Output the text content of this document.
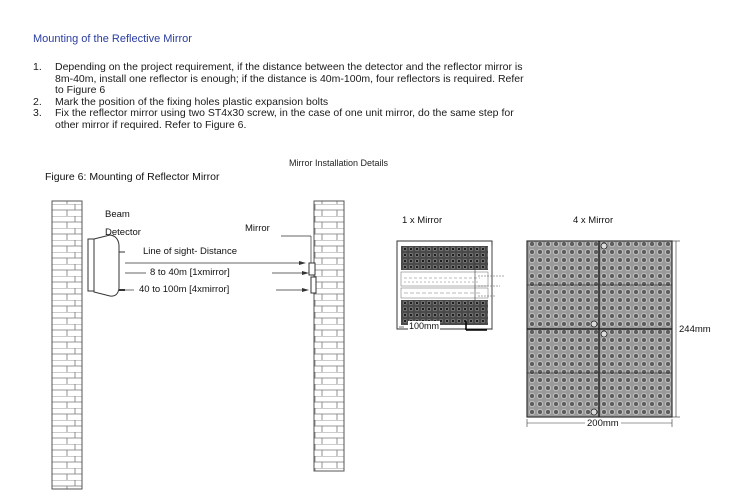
Mounting of the Reflective Mirror
1. Depending on the project requirement, if the distance between the detector and the reflector mirror is
8m-40m, install one reflector is enough; if the distance is 40m-100m, four reflectors is required. Refer
to Figure 6
2. Mark the position of the fixing holes plastic expansion bolts
3. Fix the reflector mirror using two ST4x30 screw, in the case of one unit mirror, do the same step for
other mirror if required. Refer to Figure 6.
Mirror Installation Details
Figure 6: Mounting of Reflector Mirror
Beam
Detector	Mirror
Line of sight- Distance
8 to 40m [1xmirror]
40 to 100m [4xmirror]
1 x Mirror	4 x Mirror
100mm	244mm
200mm
